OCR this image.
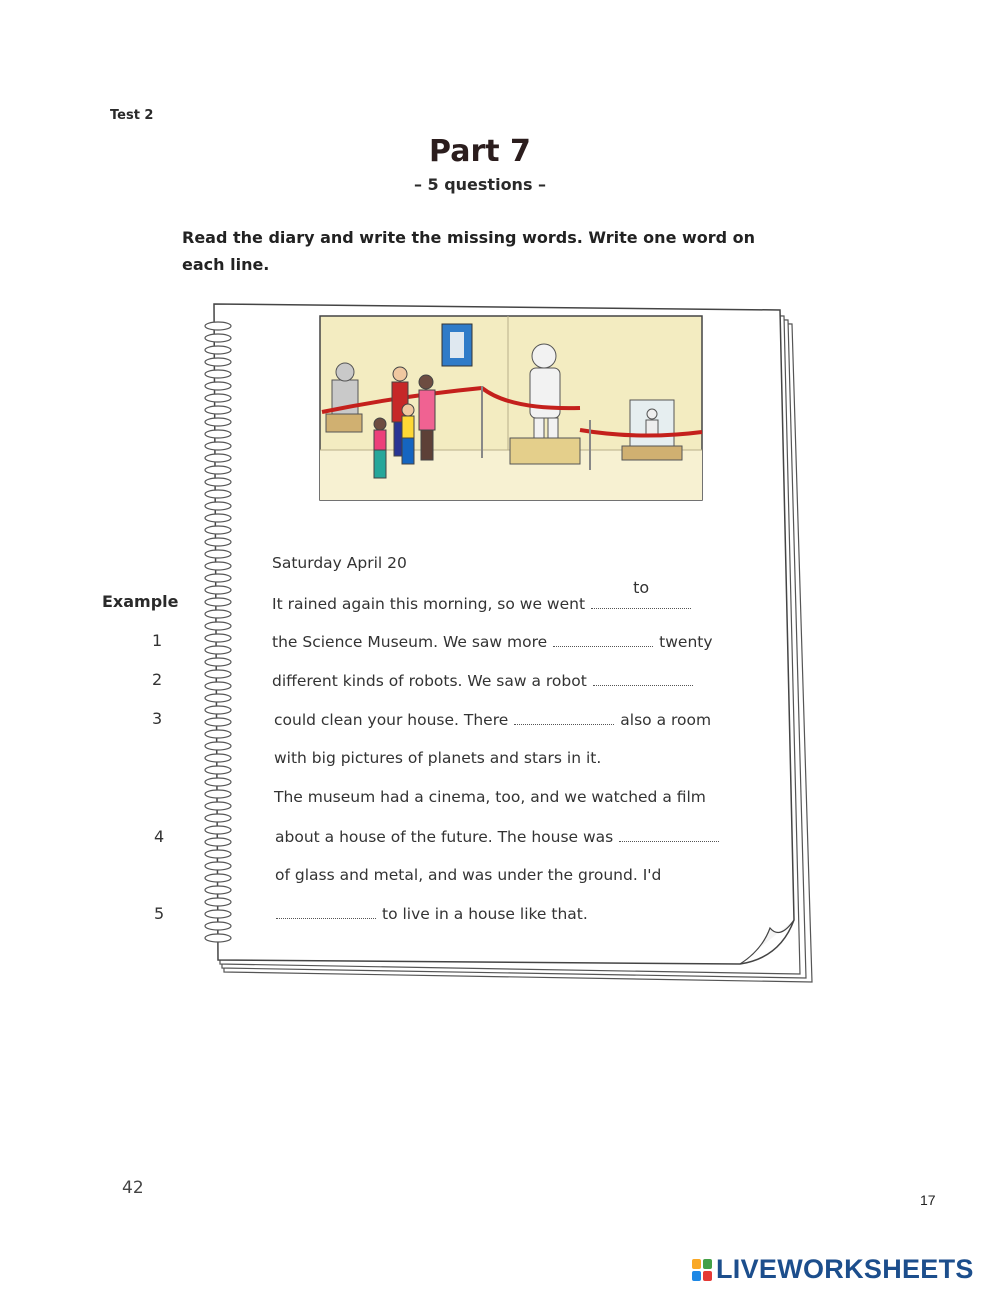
Test 2
Part 7
– 5 questions –
Read the diary and write the missing words. Write one word on
each line.
Saturday April 20
Example	It rained again this morning, so we went
to
1	the Science Museum. We saw more	twenty
2	different kinds of robots. We saw a robot
3	could clean your house. There	also a room
with big pictures of planets and stars in it.
The museum had a cinema, too, and we watched a film
4	about a house of the future. The house was
of glass and metal, and was under the ground. I'd
5	to live in a house like that.
42
17
LIVEWORKSHEETS
